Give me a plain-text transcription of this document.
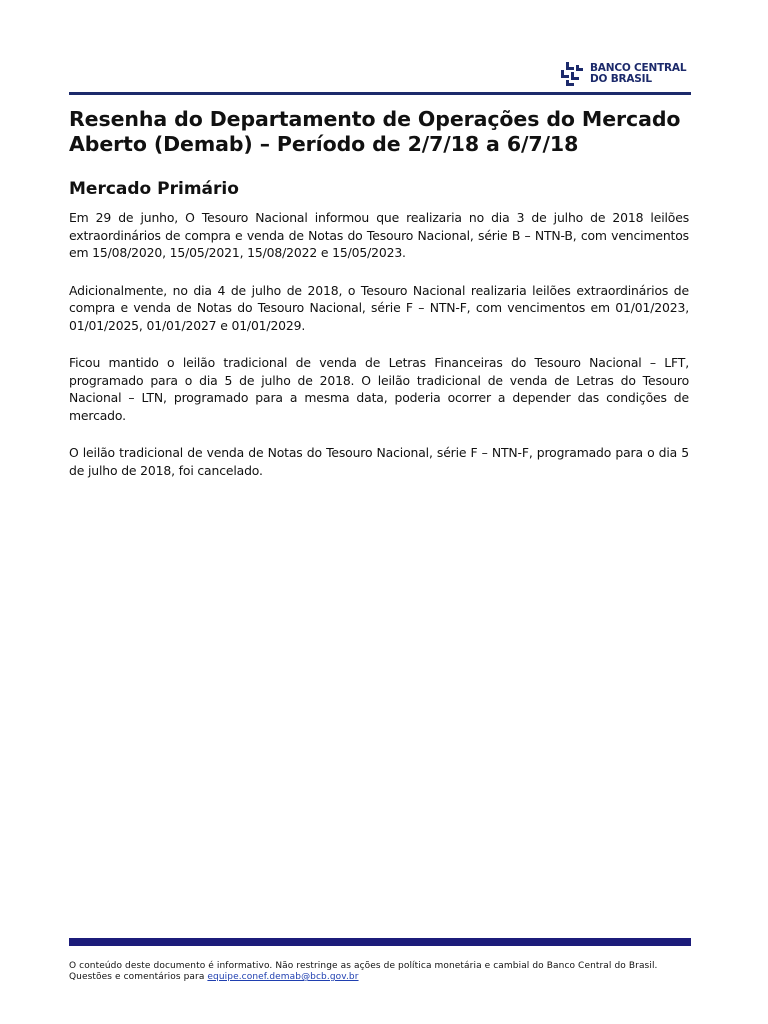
BANCO CENTRAL
DO BRASIL
Resenha do Departamento de Operações do Mercado Aberto (Demab) – Período de 2/7/18 a 6/7/18
Mercado Primário

Em 29 de junho, O Tesouro Nacional informou que realizaria no dia 3 de julho de 2018 leilões extraordinários de compra e venda de Notas do Tesouro Nacional, série B – NTN-B, com vencimentos em 15/08/2020, 15/05/2021, 15/08/2022 e 15/05/2023.

Adicionalmente, no dia 4 de julho de 2018, o Tesouro Nacional realizaria leilões extraordinários de compra e venda de Notas do Tesouro Nacional, série F – NTN-F, com vencimentos em 01/01/2023, 01/01/2025, 01/01/2027 e 01/01/2029.

Ficou mantido o leilão tradicional de venda de Letras Financeiras do Tesouro Nacional – LFT, programado para o dia 5 de julho de 2018. O leilão tradicional de venda de Letras do Tesouro Nacional – LTN, programado para a mesma data, poderia ocorrer a depender das condições de mercado.

O leilão tradicional de venda de Notas do Tesouro Nacional, série F – NTN-F, programado para o dia 5 de julho de 2018, foi cancelado.

O conteúdo deste documento é informativo. Não restringe as ações de política monetária e cambial do Banco Central do Brasil. Questões e comentários para equipe.conef.demab@bcb.gov.br
